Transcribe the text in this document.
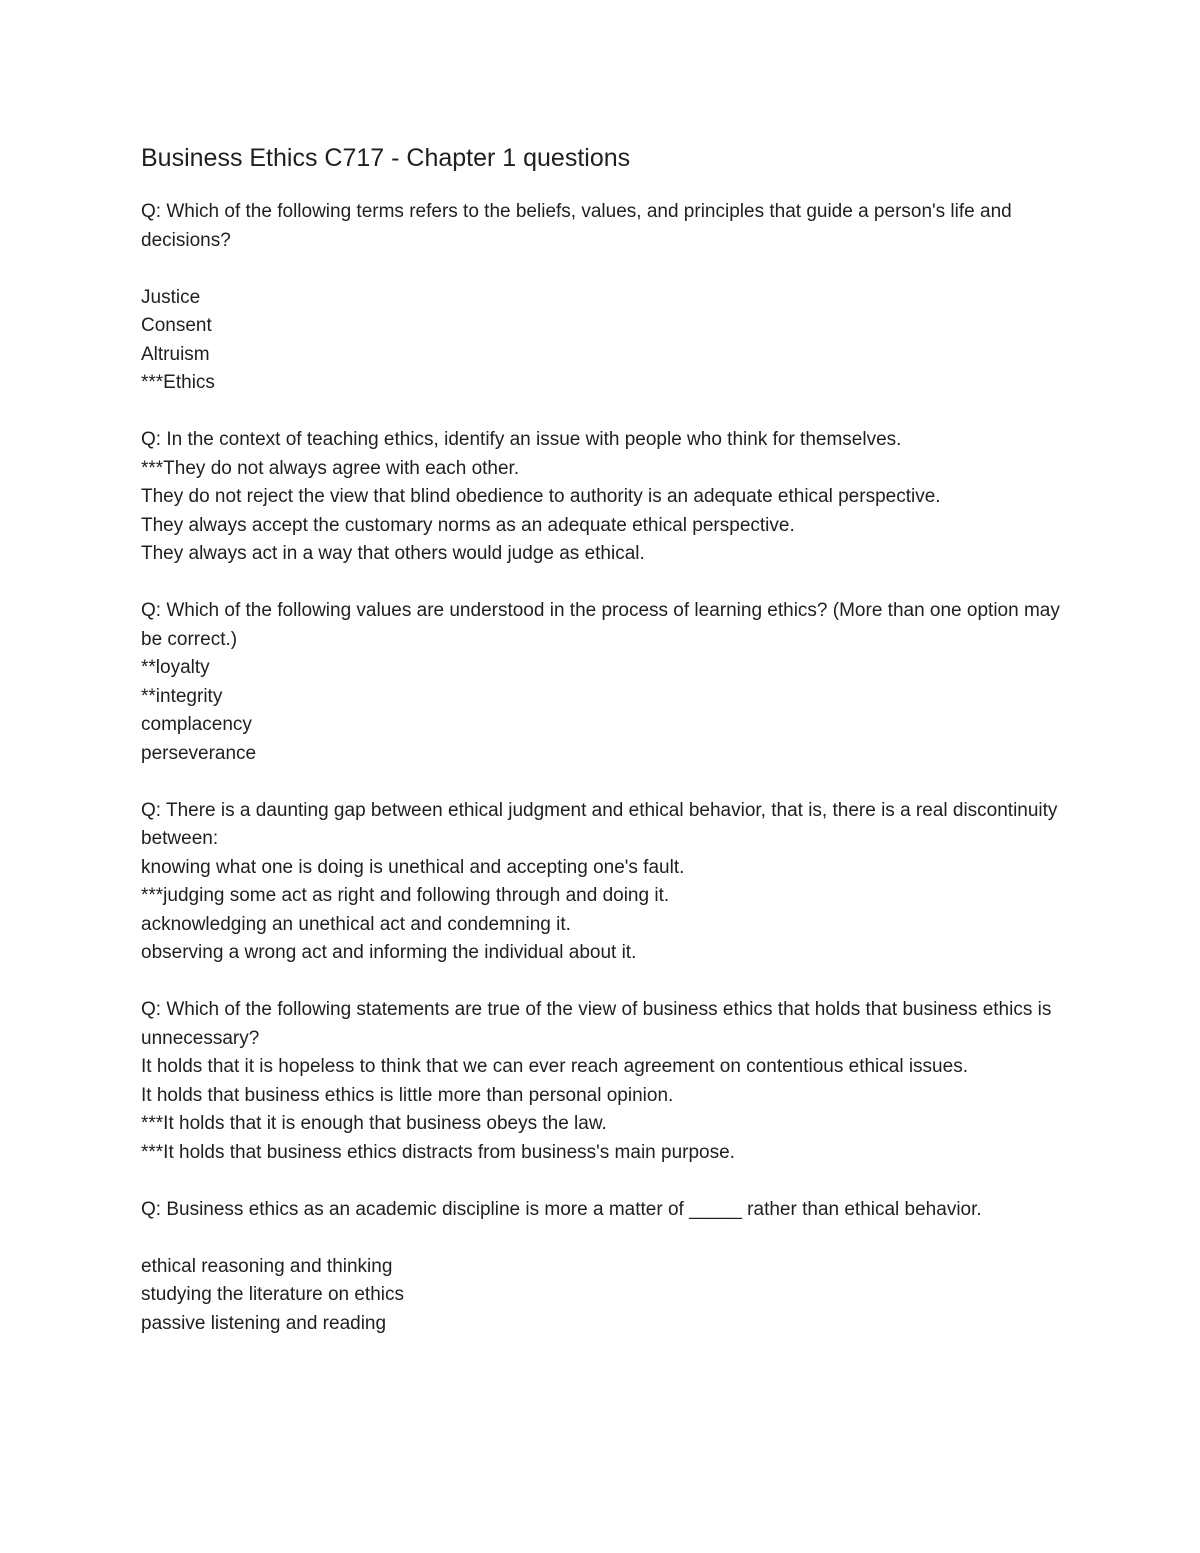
Business Ethics C717 - Chapter 1 questions
Q: Which of the following terms refers to the beliefs, values, and principles that guide a person's life and decisions?
Justice
Consent
Altruism
***Ethics
Q: In the context of teaching ethics, identify an issue with people who think for themselves.
***They do not always agree with each other.
They do not reject the view that blind obedience to authority is an adequate ethical perspective.
They always accept the customary norms as an adequate ethical perspective.
They always act in a way that others would judge as ethical.
Q: Which of the following values are understood in the process of learning ethics? (More than one option may be correct.)
**loyalty
**integrity
complacency
perseverance
Q: There is a daunting gap between ethical judgment and ethical behavior, that is, there is a real discontinuity between:
knowing what one is doing is unethical and accepting one's fault.
***judging some act as right and following through and doing it.
acknowledging an unethical act and condemning it.
observing a wrong act and informing the individual about it.
Q: Which of the following statements are true of the view of business ethics that holds that business ethics is unnecessary?
It holds that it is hopeless to think that we can ever reach agreement on contentious ethical issues.
It holds that business ethics is little more than personal opinion.
***It holds that it is enough that business obeys the law.
***It holds that business ethics distracts from business's main purpose.
Q: Business ethics as an academic discipline is more a matter of _____ rather than ethical behavior.
ethical reasoning and thinking
studying the literature on ethics
passive listening and reading
